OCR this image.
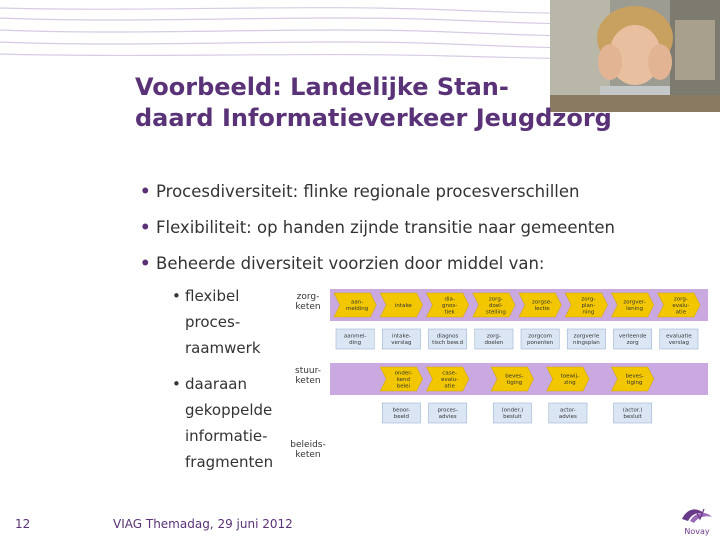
Voorbeeld: Landelijke Stan-
daard Informatieverkeer Jeugdzorg
• Procesdiversiteit: flinke regionale procesverschillen
• Flexibiliteit: op handen zijnde transitie naar gemeenten
• Beheerde diversiteit voorzien door middel van:
• flexibel
proces-
raamwerk
• daaraan
gekoppelde
informatie-
fragmenten
zorg-keten	aan-melding
intake
dia-gnos-tiek
zorg-doel-stelling
zorgse-lectie
zorg-plan-ning
zorgver-lening
zorg-evalu-atie
aanmel-ding
intake-verslag
diagnos tisch bew.d
zorg-doelen
zorgcom ponenten
zorgverle ningsplan
verleende zorg
evaluatie verslag
stuur-keten
onder-kend belei
case-evalu-atie
beves-tiging
toewij-zing
beves-tiging
beoor-beeld
proces-advies
(onder.) besluit
actor-advies
(actor.) besluit
beleids-keten
12	VIAG Themadag, 29 juni 2012
Novay
